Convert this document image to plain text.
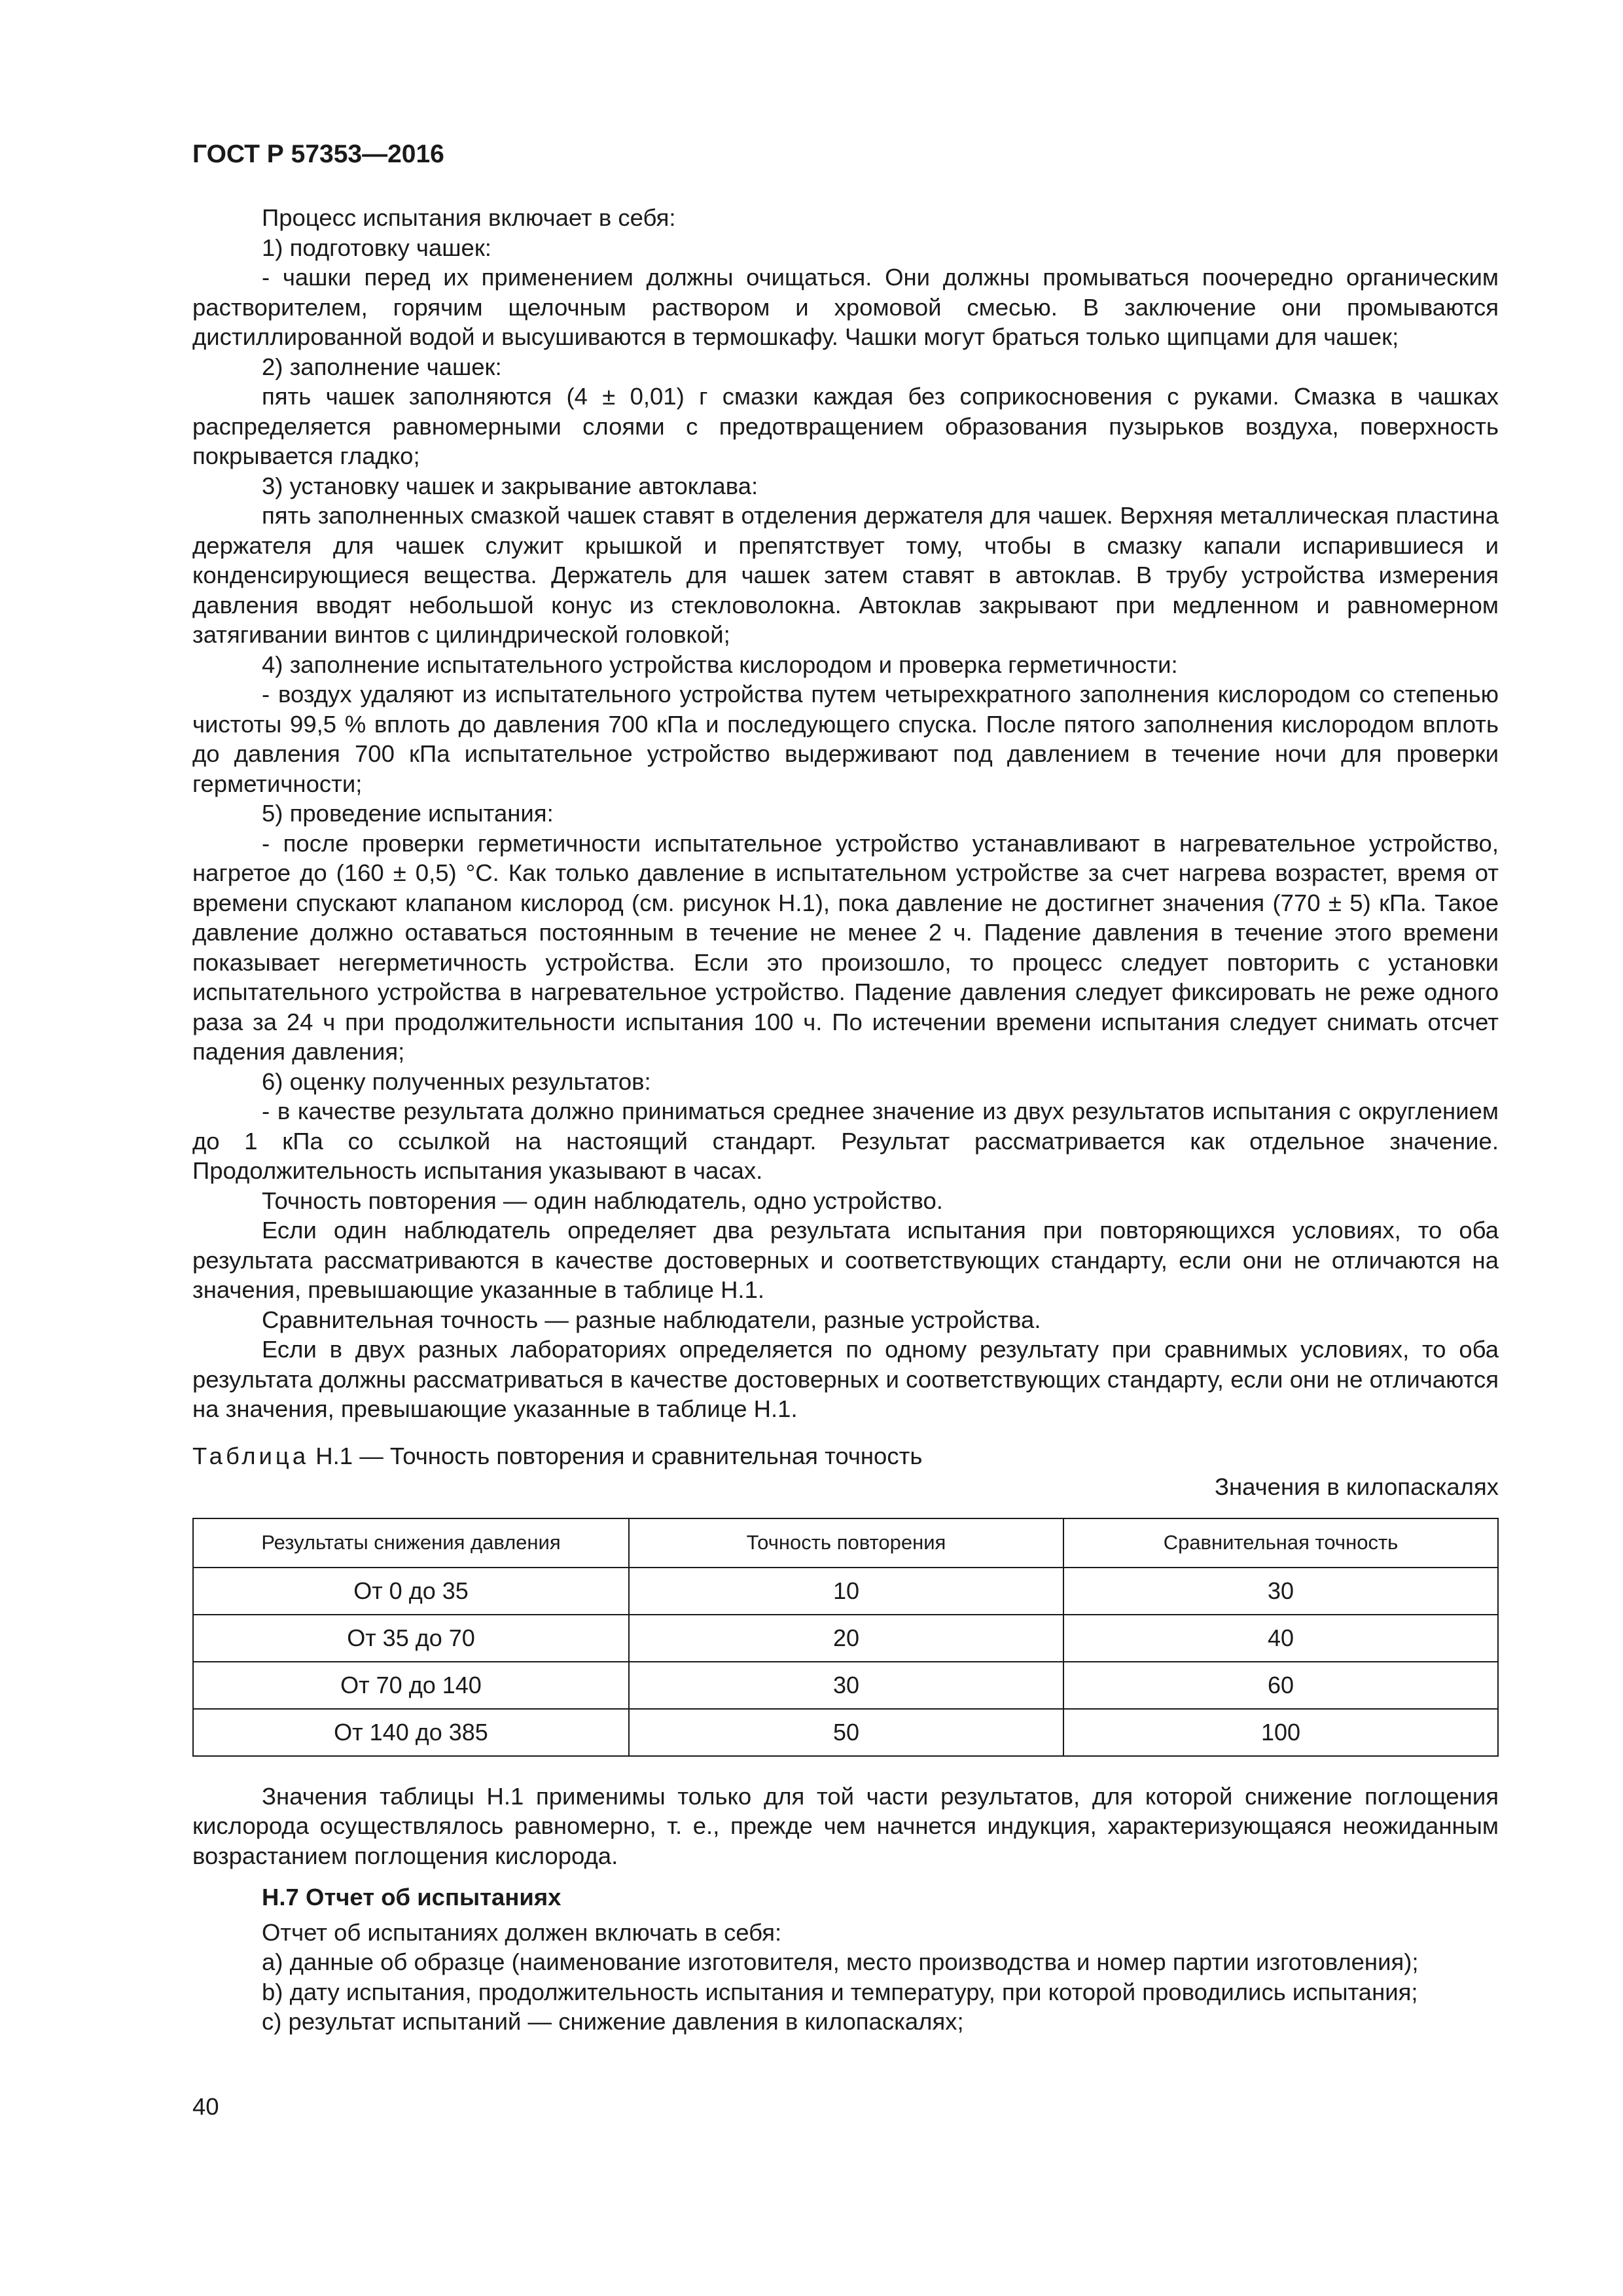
ГОСТ Р 57353—2016

Процесс испытания включает в себя:

1) подготовку чашек:

- чашки перед их применением должны очищаться. Они должны промываться поочередно органическим растворителем, горячим щелочным раствором и хромовой смесью. В заключение они промываются дистиллированной водой и высушиваются в термошкафу. Чашки могут браться только щипцами для чашек;

2) заполнение чашек:

пять чашек заполняются (4 ± 0,01) г смазки каждая без соприкосновения с руками. Смазка в чашках распределяется равномерными слоями с предотвращением образования пузырьков воздуха, поверхность покрывается гладко;

3) установку чашек и закрывание автоклава:

пять заполненных смазкой чашек ставят в отделения держателя для чашек. Верхняя металлическая пластина держателя для чашек служит крышкой и препятствует тому, чтобы в смазку капали испарившиеся и конденсирующиеся вещества. Держатель для чашек затем ставят в автоклав. В трубу устройства измерения давления вводят небольшой конус из стекловолокна. Автоклав закрывают при медленном и равномерном затягивании винтов с цилиндрической головкой;

4) заполнение испытательного устройства кислородом и проверка герметичности:

- воздух удаляют из испытательного устройства путем четырехкратного заполнения кислородом со степенью чистоты 99,5 % вплоть до давления 700 кПа и последующего спуска. После пятого заполнения кислородом вплоть до давления 700 кПа испытательное устройство выдерживают под давлением в течение ночи для проверки герметичности;

5) проведение испытания:

- после проверки герметичности испытательное устройство устанавливают в нагревательное устройство, нагретое до (160 ± 0,5) °С. Как только давление в испытательном устройстве за счет нагрева возрастет, время от времени спускают клапаном кислород (см. рисунок Н.1), пока давление не достигнет значения (770 ± 5) кПа. Такое давление должно оставаться постоянным в течение не менее 2 ч. Падение давления в течение этого времени показывает негерметичность устройства. Если это произошло, то процесс следует повторить с установки испытательного устройства в нагревательное устройство. Падение давления следует фиксировать не реже одного раза за 24 ч при продолжительности испытания 100 ч. По истечении времени испытания следует снимать отсчет падения давления;

6) оценку полученных результатов:

- в качестве результата должно приниматься среднее значение из двух результатов испытания с округлением до 1 кПа со ссылкой на настоящий стандарт. Результат рассматривается как отдельное значение. Продолжительность испытания указывают в часах.

Точность повторения — один наблюдатель, одно устройство.

Если один наблюдатель определяет два результата испытания при повторяющихся условиях, то оба результата рассматриваются в качестве достоверных и соответствующих стандарту, если они не отличаются на значения, превышающие указанные в таблице Н.1.

Сравнительная точность — разные наблюдатели, разные устройства.

Если в двух разных лабораториях определяется по одному результату при сравнимых условиях, то оба результата должны рассматриваться в качестве достоверных и соответствующих стандарту, если они не отличаются на значения, превышающие указанные в таблице Н.1.

Таблица Н.1 — Точность повторения и сравнительная точность

Значения в килопаскалях

Результаты снижения давления	Точность повторения	Сравнительная точность
От 0 до 35	10	30
От 35 до 70	20	40
От 70 до 140	30	60
От 140 до 385	50	100

Значения таблицы Н.1 применимы только для той части результатов, для которой снижение поглощения кислорода осуществлялось равномерно, т. е., прежде чем начнется индукция, характеризующаяся неожиданным возрастанием поглощения кислорода.

Н.7 Отчет об испытаниях

Отчет об испытаниях должен включать в себя:

a) данные об образце (наименование изготовителя, место производства и номер партии изготовления);

b) дату испытания, продолжительность испытания и температуру, при которой проводились испытания;

c) результат испытаний — снижение давления в килопаскалях;

40
